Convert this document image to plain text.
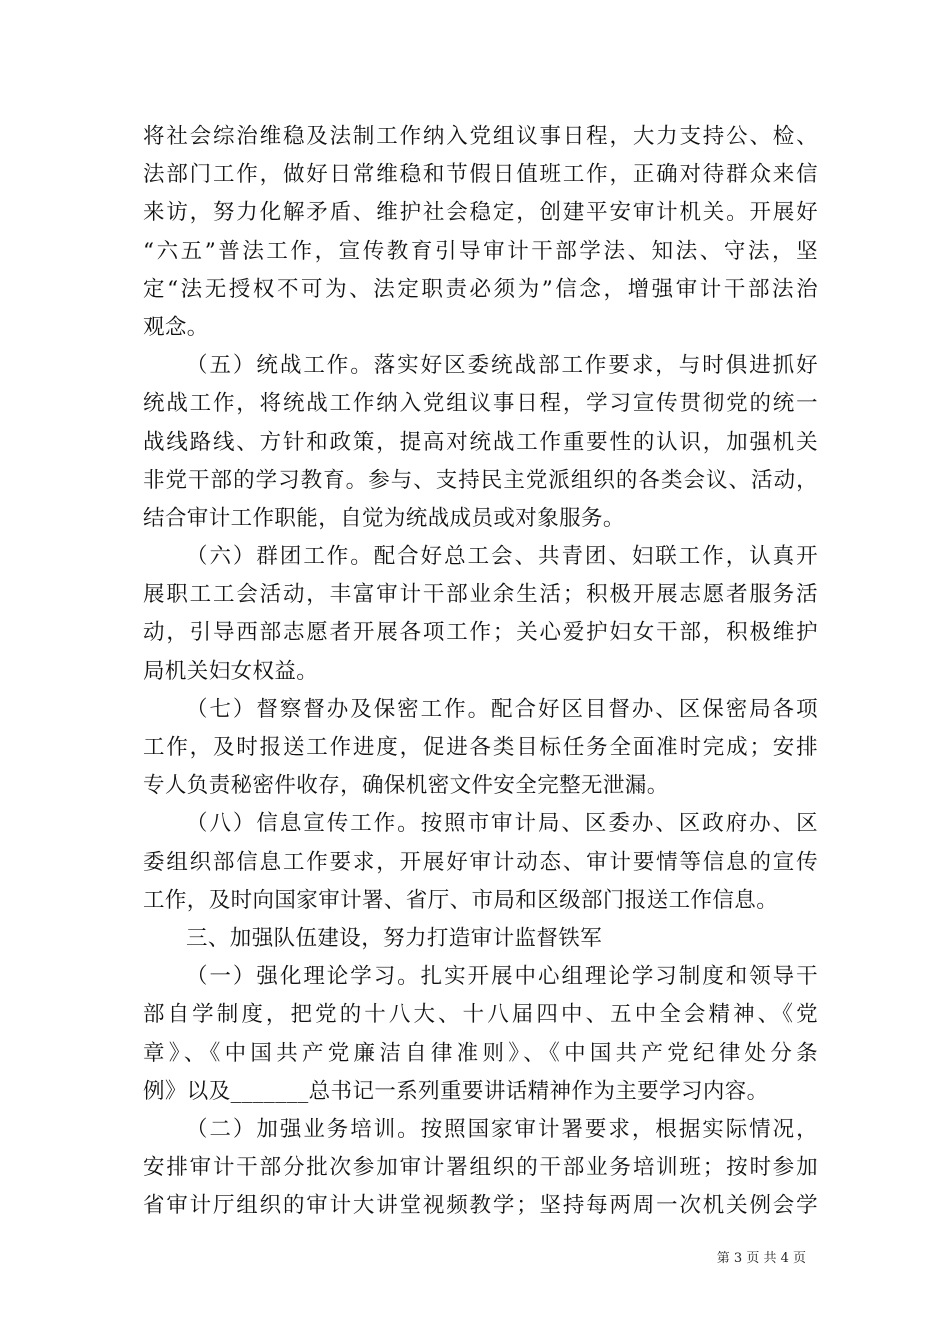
将社会综治维稳及法制工作纳入党组议事日程，大力支持公、检、
法部门工作，做好日常维稳和节假日值班工作，正确对待群众来信
来访，努力化解矛盾、维护社会稳定，创建平安审计机关。开展好
“六五”普法工作，宣传教育引导审计干部学法、知法、守法，坚
定“法无授权不可为、法定职责必须为”信念，增强审计干部法治
观念。
（五）统战工作。落实好区委统战部工作要求，与时俱进抓好
统战工作，将统战工作纳入党组议事日程，学习宣传贯彻党的统一
战线路线、方针和政策，提高对统战工作重要性的认识，加强机关
非党干部的学习教育。参与、支持民主党派组织的各类会议、活动，
结合审计工作职能，自觉为统战成员或对象服务。
（六）群团工作。配合好总工会、共青团、妇联工作，认真开
展职工工会活动，丰富审计干部业余生活；积极开展志愿者服务活
动，引导西部志愿者开展各项工作；关心爱护妇女干部，积极维护
局机关妇女权益。
（七）督察督办及保密工作。配合好区目督办、区保密局各项
工作，及时报送工作进度，促进各类目标任务全面准时完成；安排
专人负责秘密件收存，确保机密文件安全完整无泄漏。
（八）信息宣传工作。按照市审计局、区委办、区政府办、区
委组织部信息工作要求，开展好审计动态、审计要情等信息的宣传
工作，及时向国家审计署、省厅、市局和区级部门报送工作信息。
三、加强队伍建设，努力打造审计监督铁军
（一）强化理论学习。扎实开展中心组理论学习制度和领导干
部自学制度，把党的十八大、十八届四中、五中全会精神、《党
章》、《中国共产党廉洁自律准则》、《中国共产党纪律处分条
例》以及_______总书记一系列重要讲话精神作为主要学习内容。
（二）加强业务培训。按照国家审计署要求，根据实际情况，
安排审计干部分批次参加审计署组织的干部业务培训班；按时参加
省审计厅组织的审计大讲堂视频教学；坚持每两周一次机关例会学
第 3 页 共 4 页
